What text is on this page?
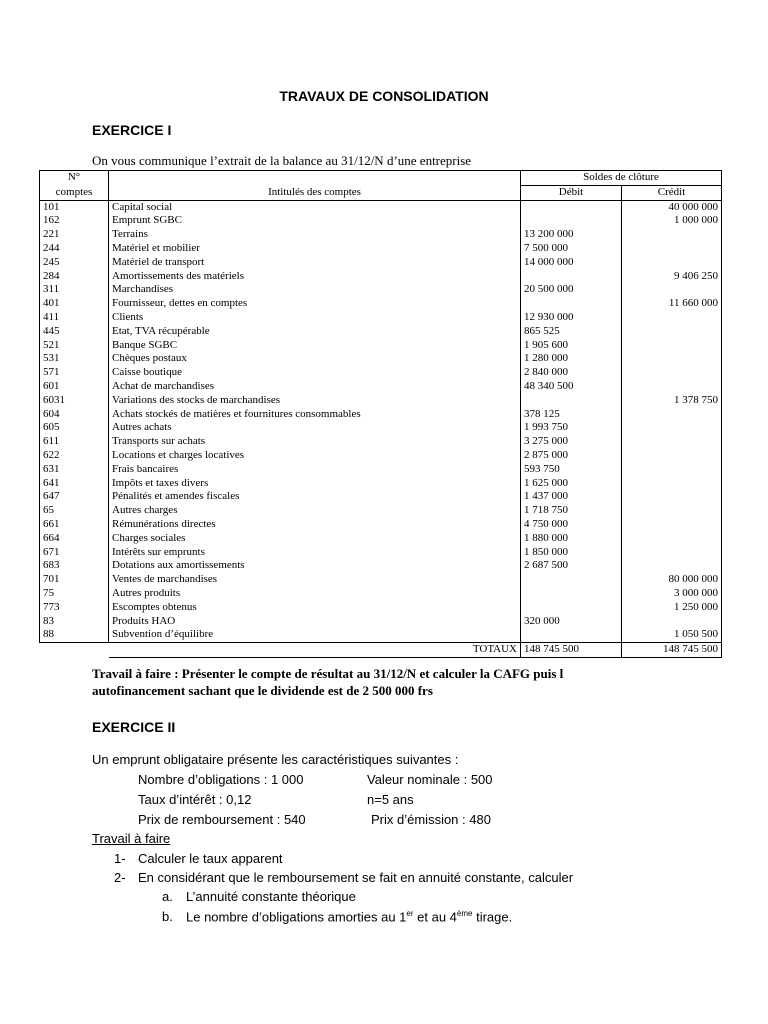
TRAVAUX DE CONSOLIDATION
EXERCICE I
On vous communique l’extrait de la balance au 31/12/N d’une entreprise
N°		Soldes de clôture	
comptes	Intitulés des comptes	Débit	Crédit
101	Capital social		40 000 000
162	Emprunt SGBC		1 000 000
221	Terrains	13 200 000	
244	Matériel et mobilier	7 500 000	
245	Matériel de transport	14 000 000	
284	Amortissements des matériels		9 406 250
311	Marchandises	20 500 000	
401	Fournisseur, dettes en comptes		11 660 000
411	Clients	12 930 000	
445	Etat, TVA récupérable	865 525	
521	Banque SGBC	1 905 600	
531	Chèques postaux	1 280 000	
571	Caisse boutique	2 840 000	
601	Achat de marchandises	48 340 500	
6031	Variations des stocks de marchandises		1 378 750
604	Achats stockés de matières et fournitures consommables	378 125	
605	Autres achats	1 993 750	
611	Transports sur achats	3 275 000	
622	Locations et charges locatives	2 875 000	
631	Frais bancaires	593 750	
641	Impôts et taxes divers	1 625 000	
647	Pénalités et amendes fiscales	1 437 000	
65	Autres charges	1 718 750	
661	Rémunérations directes	4 750 000	
664	Charges sociales	1 880 000	
671	Intérêts sur emprunts	1 850 000	
683	Dotations aux amortissements	2 687 500	
701	Ventes de marchandises		80 000 000
75	Autres produits		3 000 000
773	Escomptes obtenus		1 250 000
83	Produits HAO	320 000	
88	Subvention d’équilibre		1 050 500
	TOTAUX	148 745 500	148 745 500
Travail à faire : Présenter le compte de résultat au 31/12/N et calculer la CAFG puis l
autofinancement sachant que le dividende est de 2 500 000 frs
EXERCICE II
Un emprunt obligataire présente les caractéristiques suivantes :
Nombre d’obligations : 1 000	Valeur nominale : 500
Taux d’intérêt : 0,12	n=5 ans
Prix de remboursement : 540	Prix d’émission : 480
Travail à faire
1- Calculer le taux apparent
2- En considérant que le remboursement se fait en annuité constante, calculer
a. L’annuité constante théorique
b. Le nombre d’obligations amorties au 1er et au 4ème tirage.
